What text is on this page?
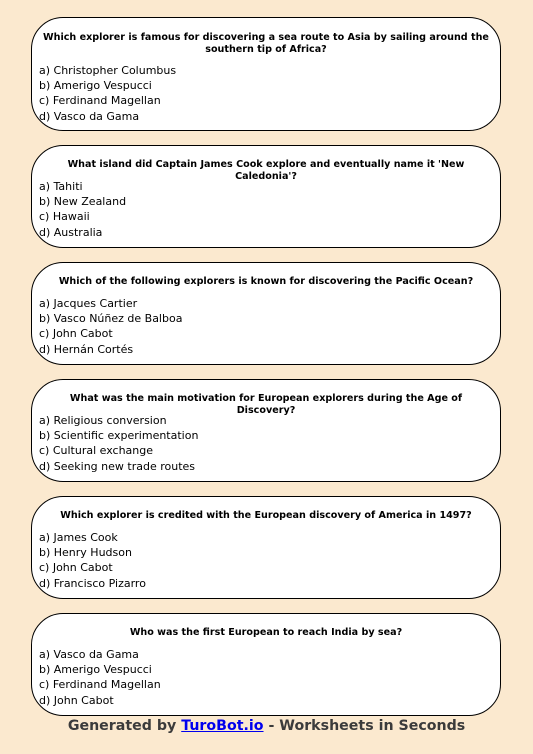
Which explorer is famous for discovering a sea route to Asia by sailing around the southern tip of Africa?
a) Christopher Columbus
b) Amerigo Vespucci
c) Ferdinand Magellan
d) Vasco da Gama
What island did Captain James Cook explore and eventually name it 'New Caledonia'?
a) Tahiti
b) New Zealand
c) Hawaii
d) Australia
Which of the following explorers is known for discovering the Pacific Ocean?
a) Jacques Cartier
b) Vasco Núñez de Balboa
c) John Cabot
d) Hernán Cortés
What was the main motivation for European explorers during the Age of Discovery?
a) Religious conversion
b) Scientific experimentation
c) Cultural exchange
d) Seeking new trade routes
Which explorer is credited with the European discovery of America in 1497?
a) James Cook
b) Henry Hudson
c) John Cabot
d) Francisco Pizarro
Who was the first European to reach India by sea?
a) Vasco da Gama
b) Amerigo Vespucci
c) Ferdinand Magellan
d) John Cabot
Generated by TuroBot.io - Worksheets in Seconds
